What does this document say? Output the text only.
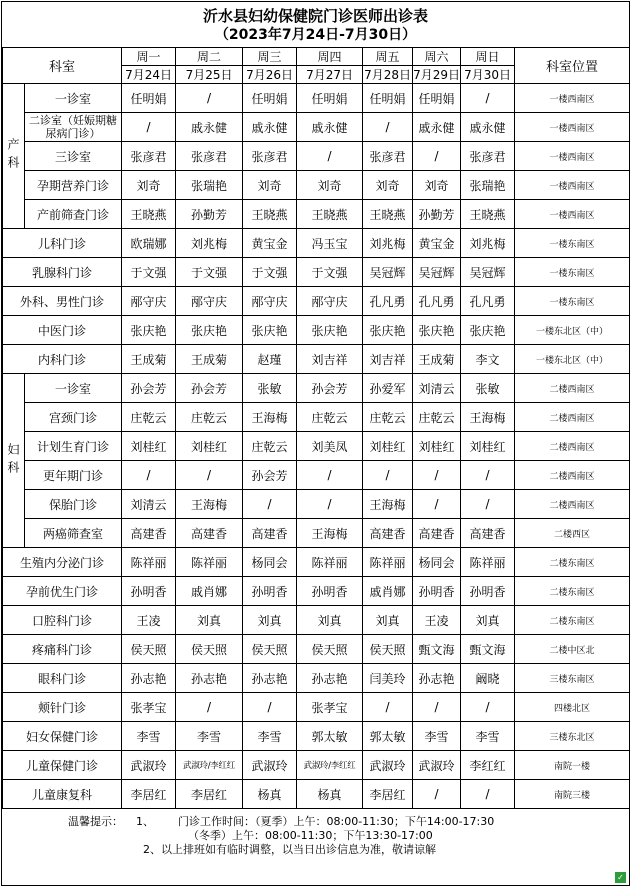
沂水县妇幼保健院门诊医师出诊表
（2023年7月24日-7月30日）
科室		周一	周二	周三	周四	周五	周六	周日	科室位置
		7月24日	7月25日	7月26日	7月27日	7月28日	7月29日	7月30日	
产科	一诊室	任明娟	/	任明娟	任明娟	任明娟	任明娟	/	一楼西南区
	二诊室（妊娠期糖尿病门诊）	/	戚永健	戚永健	戚永健	/	戚永健	戚永健	一楼西南区
	三诊室	张彦君	张彦君	张彦君	/	张彦君	/	张彦君	一楼西南区
	孕期营养门诊	刘奇	张瑞艳	刘奇	刘奇	刘奇	刘奇	张瑞艳	一楼西南区
	产前筛查门诊	王晓燕	孙勤芳	王晓燕	王晓燕	王晓燕	孙勤芳	王晓燕	一楼西南区
儿科门诊		欧瑞娜	刘兆梅	黄宝金	冯玉宝	刘兆梅	黄宝金	刘兆梅	一楼东南区
乳腺科门诊		于文强	于文强	于文强	于文强	吴冠辉	吴冠辉	吴冠辉	一楼东南区
外科、男性门诊		邴守庆	邴守庆	邴守庆	邴守庆	孔凡勇	孔凡勇	孔凡勇	一楼东南区
中医门诊		张庆艳	张庆艳	张庆艳	张庆艳	张庆艳	张庆艳	张庆艳	一楼东北区（中）
内科门诊		王成菊	王成菊	赵瑾	刘吉祥	刘吉祥	王成菊	李文	一楼东北区（中）
妇科	一诊室	孙会芳	孙会芳	张敏	孙会芳	孙爱军	刘清云	张敏	二楼西南区
	宫颈门诊	庄乾云	庄乾云	王海梅	庄乾云	庄乾云	庄乾云	王海梅	二楼西南区
	计划生育门诊	刘桂红	刘桂红	庄乾云	刘美凤	刘桂红	刘桂红	刘桂红	二楼西南区
	更年期门诊	/	/	孙会芳	/	/	/	/	二楼西南区
	保胎门诊	刘清云	王海梅	/	/	王海梅	/	/	二楼西南区
	两癌筛查室	高建香	高建香	高建香	王海梅	高建香	高建香	高建香	二楼西区
生殖内分泌门诊		陈祥丽	陈祥丽	杨同会	陈祥丽	陈祥丽	杨同会	陈祥丽	二楼东南区
孕前优生门诊		孙明香	戚肖娜	孙明香	孙明香	戚肖娜	孙明香	孙明香	二楼东南区
口腔科门诊		王凌	刘真	刘真	刘真	刘真	王凌	刘真	二楼东南区
疼痛科门诊		侯天照	侯天照	侯天照	侯天照	侯天照	甄文海	甄文海	二楼中区北
眼科门诊		孙志艳	孙志艳	孙志艳	孙志艳	闫美玲	孙志艳	阚晓	三楼东南区
颊针门诊		张孝宝	/	/	张孝宝	/	/	/	四楼北区
妇女保健门诊		李雪	李雪	李雪	郭太敏	郭太敏	李雪	李雪	三楼东北区
儿童保健门诊		武淑玲	武淑玲/李红红	武淑玲	武淑玲/李红红	武淑玲	武淑玲	李红红	南院一楼
儿童康复科		李居红	李居红	杨真	杨真	李居红	/	/	南院三楼
温馨提示：	1、	门诊工作时间：（夏季）上午：08:00-11:30；下午14:00-17:30
（冬季）上午：08:00-11:30；下午13:30-17:00
2、以上排班如有临时调整，以当日出诊信息为准，敬请谅解
✓
